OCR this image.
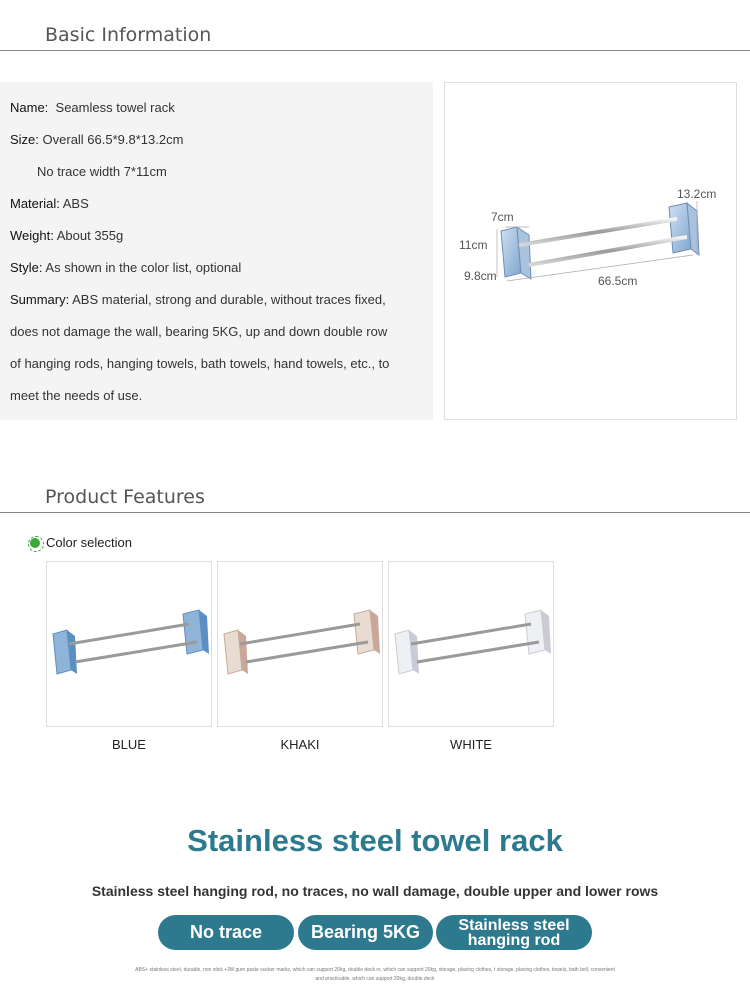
Basic Information
Name:  Seamless towel rack
Size: Overall 66.5*9.8*13.2cm
No trace width 7*11cm
Material: ABS
Weight: About 355g
Style: As shown in the color list, optional
Summary: ABS material, strong and durable, without traces fixed,
does not damage the wall, bearing 5KG, up and down double row
of hanging rods, hanging towels, bath towels, hand towels, etc., to
meet the needs of use.
13.2cm
7cm
11cm
9.8cm	66.5cm
Product Features
Color selection
BLUE	KHAKI	WHITE
Stainless steel towel rack
Stainless steel hanging rod, no traces, no wall damage, double upper and lower rows
No trace	Bearing 5KG	Stainless steel hanging rod
ABS+ stainless steel, durable, non stick +3M gum paste sucker marks, which can support 20kg, double deck rs, which can support 20kg, storage, placing clothes, t storage, placing clothes, towels, bath bell, convenient and practicable, which can support 20kg, double deck
